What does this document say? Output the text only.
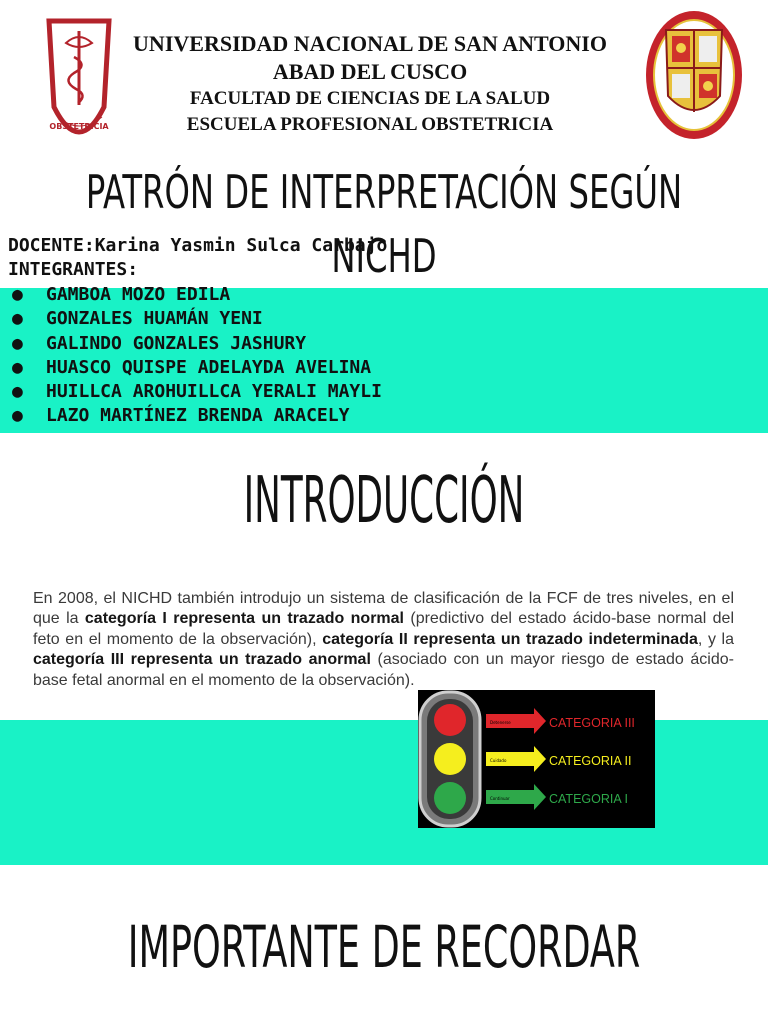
OBSTETRICIA
UNIVERSIDAD NACIONAL DE SAN ANTONIO
ABAD DEL CUSCO
FACULTAD DE CIENCIAS DE LA SALUD
ESCUELA PROFESIONAL OBSTETRICIA
PATRÓN DE INTERPRETACIÓN SEGÚN NICHD
DOCENTE:Karina Yasmin Sulca Carbajo
INTEGRANTES:
● GAMBOA MOZO EDILA
● GONZALES HUAMÁN YENI
● GALINDO GONZALES JASHURY
● HUASCO QUISPE ADELAYDA AVELINA
● HUILLCA AROHUILLCA YERALI MAYLI
● LAZO MARTÍNEZ BRENDA ARACELY
INTRODUCCIÓN

En 2008, el NICHD también introdujo un sistema de clasificación de la FCF de tres niveles, en el que la categoría I representa un trazado normal (predictivo del estado ácido-base normal del feto en el momento de la observación), categoría II representa un trazado indeterminada, y la categoría III representa un trazado anormal (asociado con un mayor riesgo de estado ácido-base fetal anormal en el momento de la observación).

Detenerse	CATEGORIA III
Cuidado	CATEGORIA II
Continuar	CATEGORIA I
IMPORTANTE DE RECORDAR
